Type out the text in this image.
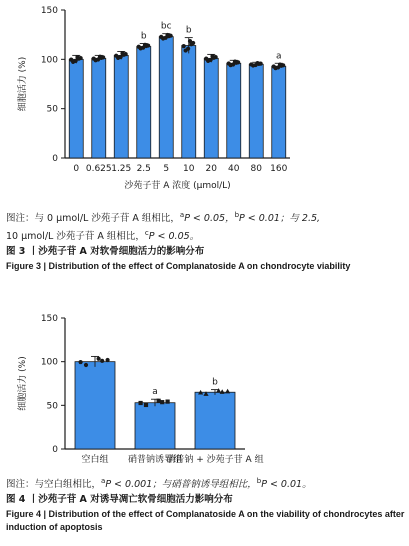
0
50
100
150
细胞活力 (%)
0 0.625 1.25
b
2.5
bc
5
b
10 20 40 80
a
160
沙苑子苷 A 浓度 (μmol/L)
图注：与 0 μmol/L 沙苑子苷 A 组相比，$^a$P < 0.05，$^b$P < 0.01；与 2.5,
10 μmol/L 沙苑子苷 A 组相比，$^c$P < 0.05。
图 3 丨沙苑子苷 A 对软骨细胞活力的影响分布
Figure 3 | Distribution of the effect of Complanatoside A on chondrocyte viability
0
50
100
150
细胞活力 (%)
空白组
a
硝普钠诱导组
b
硝普钠 + 沙苑子苷 A 组
图注：与空白组相比，$^a$P < 0.001；与硝普钠诱导组相比，$^b$P < 0.01。
图 4 丨沙苑子苷 A 对诱导凋亡软骨细胞活力影响分布
Figure 4 | Distribution of the effect of Complanatoside A on the viability of chondrocytes after induction of apoptosis
